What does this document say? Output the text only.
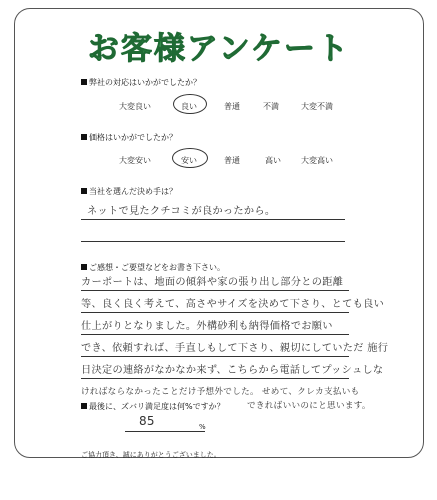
お客様アンケート
弊社の対応はいかがでしたか？
大変良い	良い	普通	不満	大変不満
価格はいかがでしたか？
大変安い	安い	普通	高い	大変高い
当社を選んだ決め手は？
ネットで見たクチコミが良かったから。
ご感想・ご要望などをお書き下さい。
カーポートは、地面の傾斜や家の張り出し部分との距離
等、良く良く考えて、高さやサイズを決めて下さり、とても良い
仕上がりとなりました。外構砂利も納得価格でお願い
でき、依頼すれば、手直しもして下さり、親切にしていただ 施行
日決定の連絡がなかなか来ず、こちらから電話してプッシュしな
ければならなかったことだけ予想外でした。 せめて、クレカ支払いも
最後に、ズバリ満足度は何%ですか？	できればいいのにと思います。
85	%
ご協力頂き、誠にありがとうございました。
